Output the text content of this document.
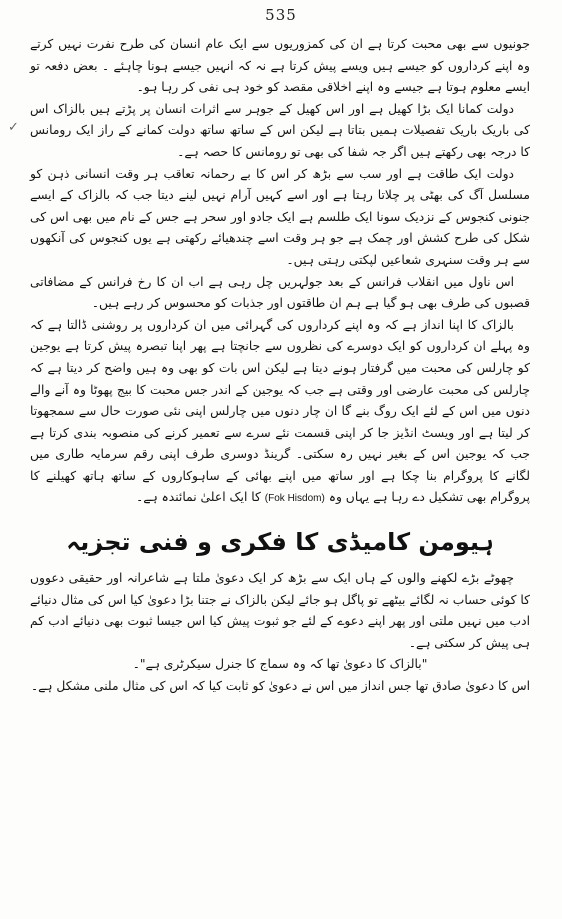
535
✓

جونیوں سے بھی محبت کرتا ہے ان کی کمزوریوں سے ایک عام انسان کی طرح نفرت نہیں کرتے وہ اپنے کرداروں کو جیسے ہیں ویسے پیش کرتا ہے نہ کہ انہیں جیسے ہونا چاہئے ۔ بعض دفعہ تو ایسے معلوم ہوتا ہے جیسے وہ اپنے اخلاقی مقصد کو خود ہی نفی کر رہا ہو۔

دولت کمانا ایک بڑا کھیل ہے اور اس کھیل کے جوہر سے اثرات انسان پر پڑتے ہیں بالزاک اس کی باریک باریک تفصیلات ہمیں بتاتا ہے لیکن اس کے ساتھ ساتھ دولت کمانے کے راز ایک رومانس کا درجہ بھی رکھتے ہیں اگر جہ شفا کی بھی تو رومانس کا حصہ ہے۔

دولت ایک طاقت ہے اور سب سے بڑھ کر اس کا بے رحمانہ تعاقب ہر وقت انسانی ذہن کو مسلسل آگ کی بھٹی پر چلاتا رہتا ہے اور اسے کہیں آرام نہیں لینے دیتا جب کہ بالزاک کے ایسے جنونی کنجوس کے نزدیک سونا ایک طلسم ہے ایک جادو اور سحر ہے جس کے نام میں بھی اس کی شکل کی طرح کشش اور چمک ہے جو ہر وقت اسے چندھیائے رکھتی ہے یوں کنجوس کی آنکھوں سے ہر وقت سنہری شعاعیں لپکتی رہتی ہیں۔

اس ناول میں انقلاب فرانس کے بعد جولہریں چل رہی ہے اب ان کا رخ فرانس کے مضافاتی قصبوں کی طرف بھی ہو گیا ہے ہم ان طاقتوں اور جذبات کو محسوس کر رہے ہیں۔

بالزاک کا اپنا انداز ہے کہ وہ اپنے کرداروں کی گہرائی میں ان کرداروں پر روشنی ڈالتا ہے کہ وہ پہلے ان کرداروں کو ایک دوسرے کی نظروں سے جانچتا ہے پھر اپنا تبصرہ پیش کرتا ہے یوجین کو چارلس کی محبت میں گرفتار ہونے دیتا ہے لیکن اس بات کو بھی وہ ہیں واضح کر دیتا ہے کہ چارلس کی محبت عارضی اور وقتی ہے جب کہ یوجین کے اندر جس محبت کا بیج پھوٹا وہ آنے والے دنوں میں اس کے لئے ایک روگ بنے گا ان چار دنوں میں چارلس اپنی نئی صورت حال سے سمجھوتا کر لیتا ہے اور ویسٹ انڈیز جا کر اپنی قسمت نئے سرے سے تعمیر کرنے کی منصوبہ بندی کرتا ہے جب کہ یوجین اس کے بغیر نہیں رہ سکتی۔ گرینڈ دوسری طرف اپنی رقم سرمایہ طاری میں لگانے کا پروگرام بنا چکا ہے اور ساتھ میں اپنے بھائی کے ساہوکاروں کے ساتھ ہاتھ کھیلنے کا پروگرام بھی تشکیل دے رہا ہے یہاں وہ (Fok Hisdom) کا ایک اعلیٰ نمائندہ ہے۔

ہیومن کامیڈی کا فکری و فنی تجزیہ

چھوٹے بڑے لکھنے والوں کے ہاں ایک سے بڑھ کر ایک دعویٰ ملتا ہے شاعرانہ اور حقیقی دعووں کا کوئی حساب نہ لگائے بیٹھے تو پاگل ہو جائے لیکن بالزاک نے جتنا بڑا دعویٰ کیا اس کی مثال دنیائے ادب میں نہیں ملتی اور پھر اپنے دعوے کے لئے جو ثبوت پیش کیا اس جیسا ثبوت بھی دنیائے ادب کم ہی پیش کر سکتی ہے۔

"بالزاک کا دعویٰ تھا کہ وہ سماج کا جنرل سیکرٹری ہے"۔

اس کا دعویٰ صادق تھا جس انداز میں اس نے دعویٰ کو ثابت کیا کہ اس کی مثال ملنی مشکل ہے۔
